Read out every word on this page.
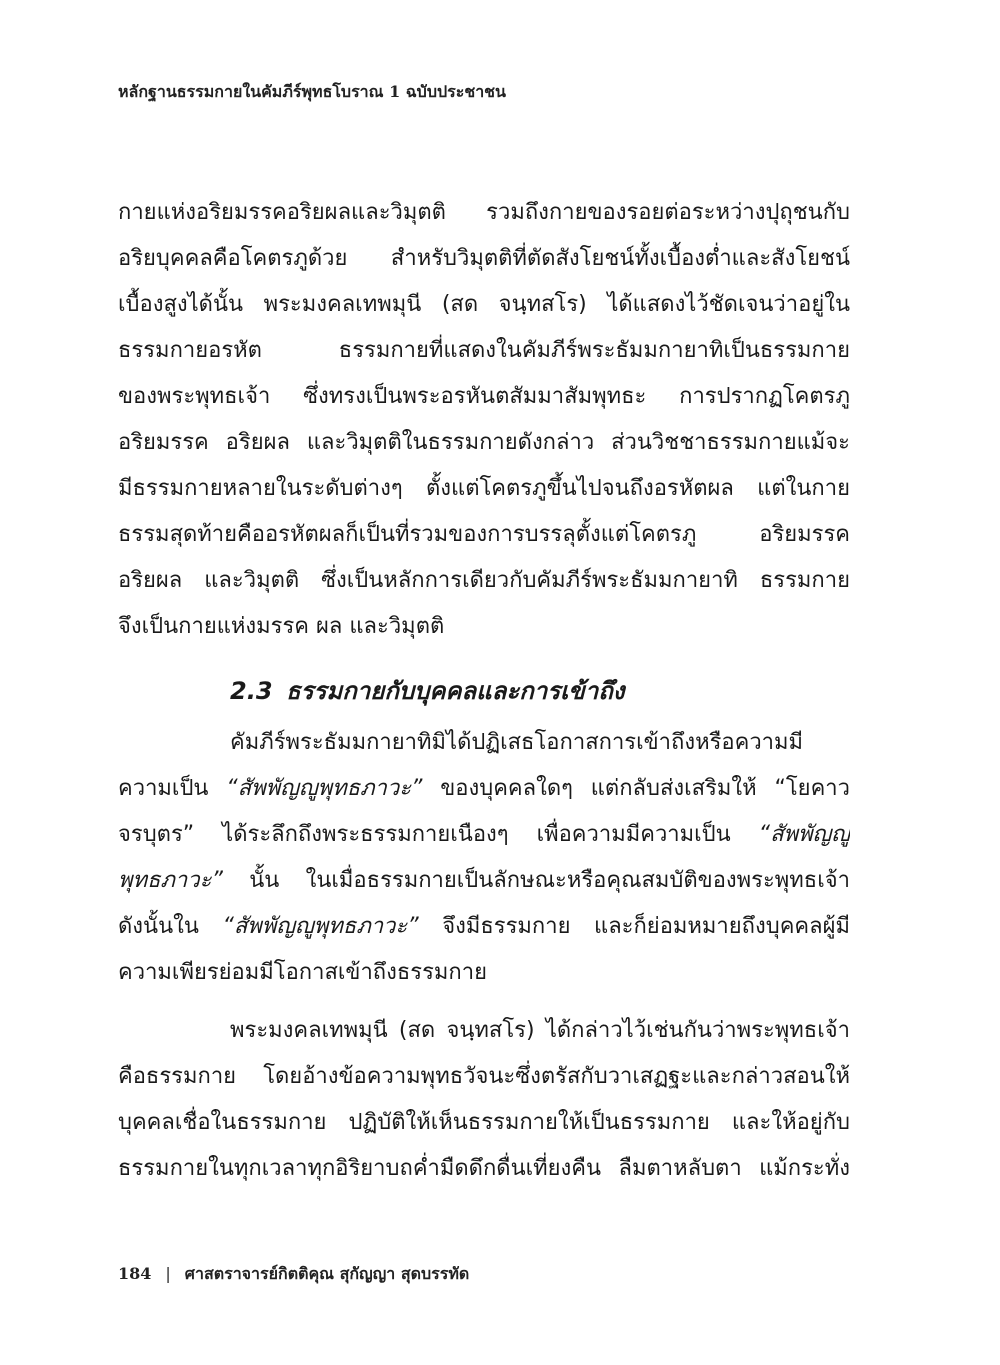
หลักฐานธรรมกายในคัมภีร์พุทธโบราณ 1 ฉบับประชาชน
กายแห่งอริยมรรคอริยผลและวิมุตติ รวมถึงกายของรอยต่อระหว่างปุถุชนกับ
อริยบุคคลคือโคตรภูด้วย สำหรับวิมุตติที่ตัดสังโยชน์ทั้งเบื้องต่ำและสังโยชน์
เบื้องสูงได้นั้น พระมงคลเทพมุนี (สด จนฺทสโร) ได้แสดงไว้ชัดเจนว่าอยู่ใน
ธรรมกายอรหัต ธรรมกายที่แสดงในคัมภีร์พระธัมมกายาทิเป็นธรรมกาย
ของพระพุทธเจ้า ซึ่งทรงเป็นพระอรหันตสัมมาสัมพุทธะ การปรากฏโคตรภู
อริยมรรค อริยผล และวิมุตติในธรรมกายดังกล่าว ส่วนวิชชาธรรมกายแม้จะ
มีธรรมกายหลายในระดับต่างๆ ตั้งแต่โคตรภูขึ้นไปจนถึงอรหัตผล แต่ในกาย
ธรรมสุดท้ายคืออรหัตผลก็เป็นที่รวมของการบรรลุตั้งแต่โคตรภู อริยมรรค
อริยผล และวิมุตติ ซึ่งเป็นหลักการเดียวกับคัมภีร์พระธัมมกายาทิ ธรรมกาย
จึงเป็นกายแห่งมรรค ผล และวิมุตติ
2.3 ธรรมกายกับบุคคลและการเข้าถึง
คัมภีร์พระธัมมกายาทิมิได้ปฏิเสธโอกาสการเข้าถึงหรือความมี
ความเป็น “สัพพัญญูพุทธภาวะ” ของบุคคลใดๆ แต่กลับส่งเสริมให้ “โยคาว
จรบุตร” ได้ระลึกถึงพระธรรมกายเนืองๆ เพื่อความมีความเป็น “สัพพัญญู
พุทธภาวะ” นั้น ในเมื่อธรรมกายเป็นลักษณะหรือคุณสมบัติของพระพุทธเจ้า
ดังนั้นใน “สัพพัญญูพุทธภาวะ” จึงมีธรรมกาย และก็ย่อมหมายถึงบุคคลผู้มี
ความเพียรย่อมมีโอกาสเข้าถึงธรรมกาย
พระมงคลเทพมุนี (สด จนฺทสโร) ได้กล่าวไว้เช่นกันว่าพระพุทธเจ้า
คือธรรมกาย โดยอ้างข้อความพุทธวัจนะซึ่งตรัสกับวาเสฏฐะและกล่าวสอนให้
บุคคลเชื่อในธรรมกาย ปฏิบัติให้เห็นธรรมกายให้เป็นธรรมกาย และให้อยู่กับ
ธรรมกายในทุกเวลาทุกอิริยาบถค่ำมืดดึกดื่นเที่ยงคืน ลืมตาหลับตา แม้กระทั่ง
184 | ศาสตราจารย์กิตติคุณ สุกัญญา สุดบรรทัด
